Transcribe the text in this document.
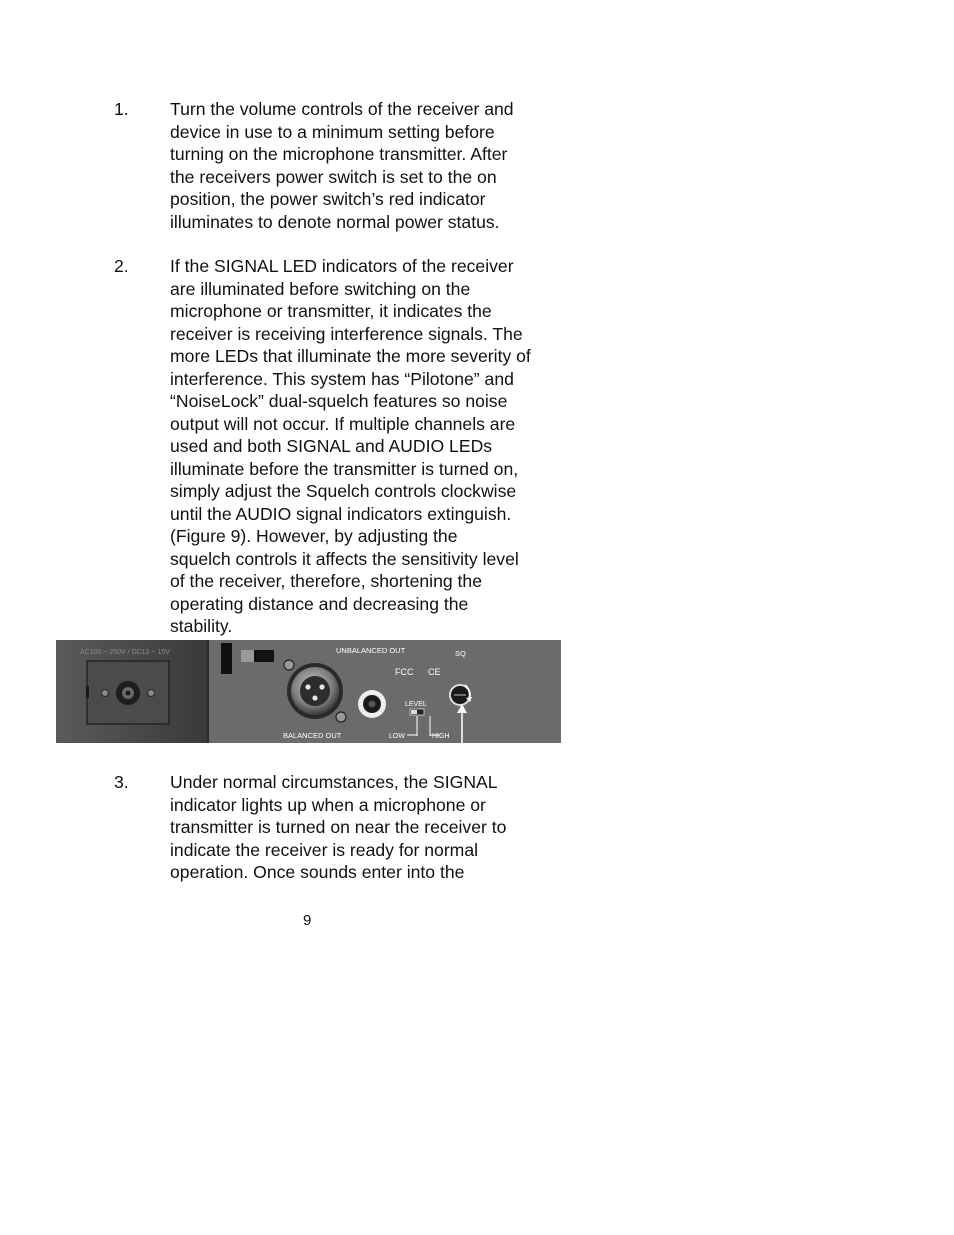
1. Turn the volume controls of the receiver and
device in use to a minimum setting before
turning on the microphone transmitter. After
the receivers power switch is set to the on
position, the power switch’s red indicator
illuminates to denote normal power status.
2. If the SIGNAL LED indicators of the receiver
are illuminated before switching on the
microphone or transmitter, it indicates the
receiver is receiving interference signals. The
more LEDs that illuminate the more severity of
interference. This system has “Pilotone” and
“NoiseLock” dual-squelch features so noise
output will not occur. If multiple channels are
used and both SIGNAL and AUDIO LEDs
illuminate before the transmitter is turned on,
simply adjust the Squelch controls clockwise
until the AUDIO signal indicators extinguish.
(Figure 9). However, by adjusting the
squelch controls it affects the sensitivity level
of the receiver, therefore, shortening the
operating distance and decreasing the
stability.
AC100 ~ 250V / DC12 ~ 15V
BALANCED OUT
UNBALANCED OUT
FCC CE
LEVEL
LOW	HIGH
SQ
3. Under normal circumstances, the SIGNAL
indicator lights up when a microphone or
transmitter is turned on near the receiver to
indicate the receiver is ready for normal
operation. Once sounds enter into the
9
